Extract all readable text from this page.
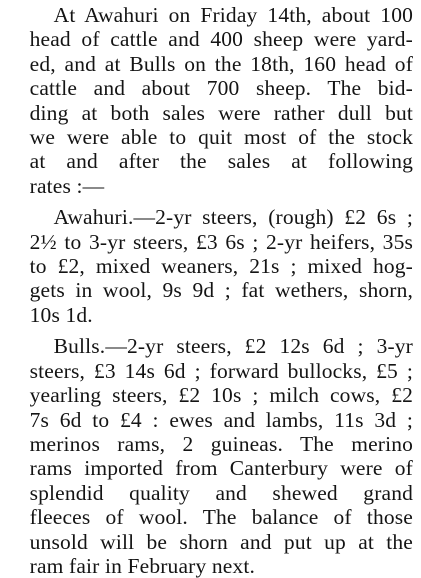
At Awahuri on Friday 14th, about 100
head of cattle and 400 sheep were yard-
ed, and at Bulls on the 18th, 160 head of
cattle and about 700 sheep. The bid-
ding at both sales were rather dull but
we were able to quit most of the stock
at and after the sales at following
rates :—
Awahuri.—2-yr steers, (rough) £2 6s ;
2½ to 3-yr steers, £3 6s ; 2-yr heifers, 35s
to £2, mixed weaners, 21s ; mixed hog-
gets in wool, 9s 9d ; fat wethers, shorn,
10s 1d.
Bulls.—2-yr steers, £2 12s 6d ; 3-yr
steers, £3 14s 6d ; forward bullocks, £5 ;
yearling steers, £2 10s ; milch cows, £2
7s 6d to £4 : ewes and lambs, 11s 3d ;
merinos rams, 2 guineas. The merino
rams imported from Canterbury were of
splendid quality and shewed grand
fleeces of wool. The balance of those
unsold will be shorn and put up at the
ram fair in February next.
